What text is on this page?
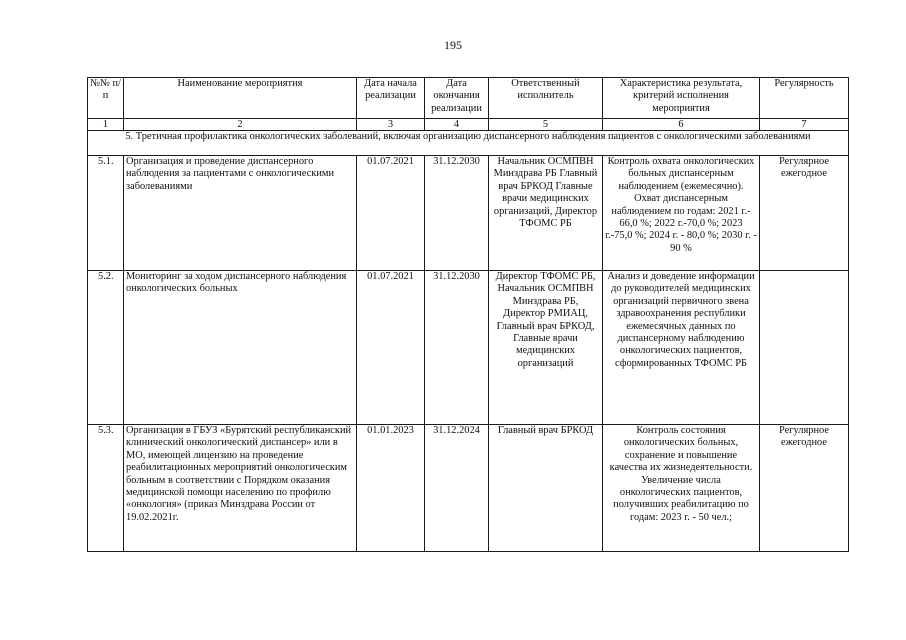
195
№№ п/п	Наименование мероприятия	Дата начала реализации	Дата окончания реализации	Ответственный исполнитель	Характеристика результата, критерий исполнения мероприятия	Регулярность
1	2	3	4	5	6	7
5. Третичная профилактика онкологических заболеваний, включая организацию диспансерного наблюдения пациентов с онкологическими заболеваниями						
5.1.	Организация и проведение диспансерного наблюдения за пациентами с онкологическими заболеваниями	01.07.2021	31.12.2030	Начальник ОСМПВН Минздрава РБ Главный врач БРКОД Главные врачи медицинских организаций, Директор ТФОМС РБ	Контроль охвата онкологических больных диспансерным наблюдением (ежемесячно). Охват диспансерным наблюдением по годам: 2021 г.- 66,0 %; 2022 г.-70,0 %; 2023 г.-75,0 %; 2024 г. - 80,0 %; 2030 г. - 90 %	Регулярное ежегодное
5.2.	Мониторинг за ходом диспансерного наблюдения онкологических больных	01.07.2021	31.12.2030	Директор ТФОМС РБ, Начальник ОСМПВН Минздрава РБ, Директор РМИАЦ, Главный врач БРКОД, Главные врачи медицинских организаций	Анализ и доведение информации до руководителей медицинских организаций первичного звена здравоохранения республики ежемесячных данных по диспансерному наблюдению онкологических пациентов, сформированных ТФОМС РБ	
5.3.	Организация в ГБУЗ «Бурятский республиканский клинический онкологический диспансер» или в МО, имеющей лицензию на проведение реабилитационных мероприятий онкологическим больным в соответствии с Порядком оказания медицинской помощи населению по профилю «онкология» (приказ Минздрава России от 19.02.2021г.	01.01.2023	31.12.2024	Главный врач БРКОД	Контроль состояния онкологических больных, сохранение и повышение качества их жизнедеятельности. Увеличение числа онкологических пациентов, получивших реабилитацию по годам: 2023 г. - 50 чел.;	Регулярное ежегодное
